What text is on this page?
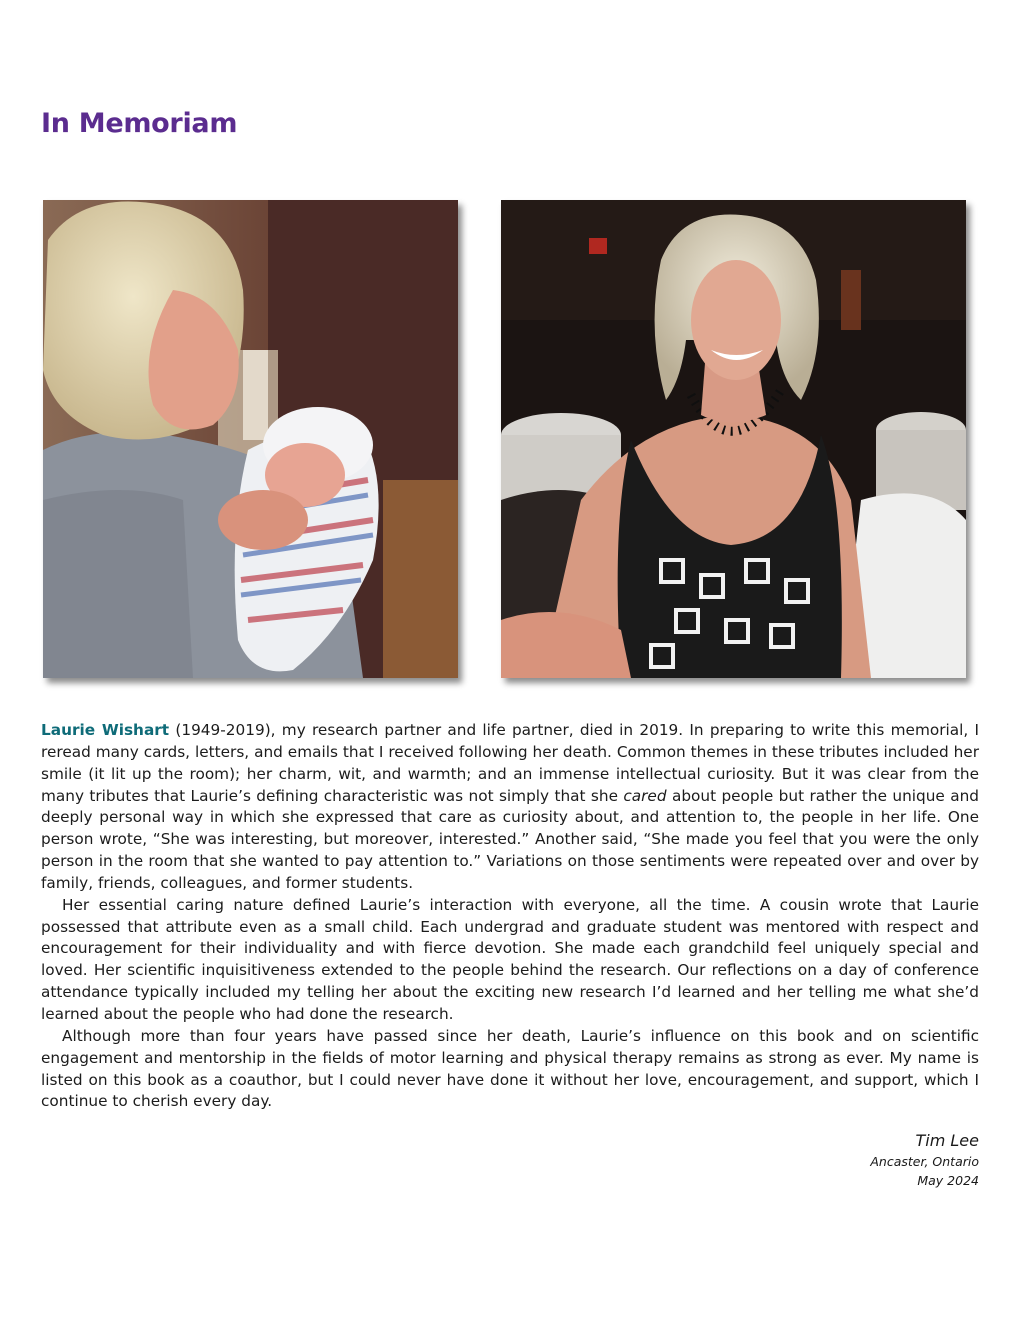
In Memoriam

Laurie Wishart (1949-2019), my research partner and life partner, died in 2019. In preparing to write this memorial, I reread many cards, letters, and emails that I received following her death. Common themes in these tributes included her smile (it lit up the room); her charm, wit, and warmth; and an immense intellectual curiosity. But it was clear from the many tributes that Laurie’s defining characteristic was not simply that she cared about people but rather the unique and deeply personal way in which she expressed that care as curiosity about, and attention to, the people in her life. One person wrote, “She was interesting, but moreover, interested.” Another said, “She made you feel that you were the only person in the room that she wanted to pay attention to.” Variations on those sentiments were repeated over and over by family, friends, colleagues, and former students.

Her essential caring nature defined Laurie’s interaction with everyone, all the time. A cousin wrote that Laurie possessed that attribute even as a small child. Each undergrad and graduate student was mentored with respect and encouragement for their individuality and with fierce devotion. She made each grandchild feel uniquely special and loved. Her scientific inquisitiveness extended to the people behind the research. Our reflections on a day of conference attendance typically included my telling her about the exciting new research I’d learned and her telling me what she’d learned about the people who had done the research.

Although more than four years have passed since her death, Laurie’s influence on this book and on scientific engagement and mentorship in the fields of motor learning and physical therapy remains as strong as ever. My name is listed on this book as a coauthor, but I could never have done it without her love, encouragement, and support, which I continue to cherish every day.

Tim Lee
Ancaster, Ontario
May 2024
